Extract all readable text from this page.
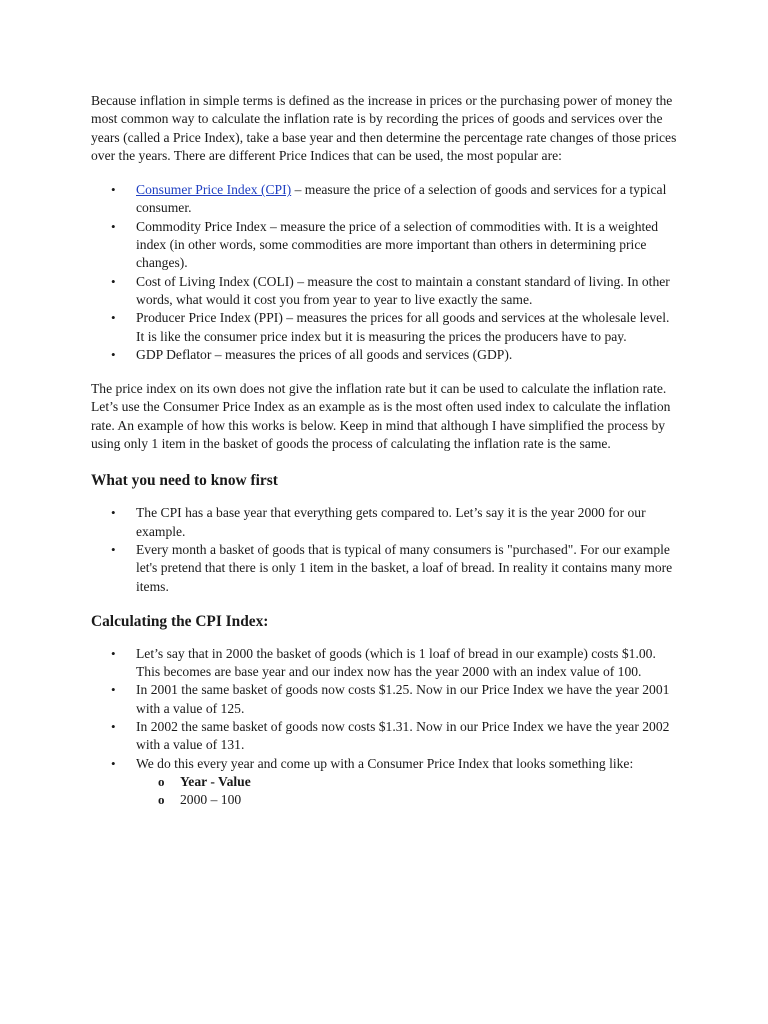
Because inflation in simple terms is defined as the increase in prices or the purchasing power of money the most common way to calculate the inflation rate is by recording the prices of goods and services over the years (called a Price Index), take a base year and then determine the percentage rate changes of those prices over the years. There are different Price Indices that can be used, the most popular are:

• Consumer Price Index (CPI) – measure the price of a selection of goods and services for a typical consumer.
• Commodity Price Index – measure the price of a selection of commodities with. It is a weighted index (in other words, some commodities are more important than others in determining price changes).
• Cost of Living Index (COLI) – measure the cost to maintain a constant standard of living. In other words, what would it cost you from year to year to live exactly the same.
• Producer Price Index (PPI) – measures the prices for all goods and services at the wholesale level. It is like the consumer price index but it is measuring the prices the producers have to pay.
• GDP Deflator – measures the prices of all goods and services (GDP).

The price index on its own does not give the inflation rate but it can be used to calculate the inflation rate. Let’s use the Consumer Price Index as an example as is the most often used index to calculate the inflation rate. An example of how this works is below. Keep in mind that although I have simplified the process by using only 1 item in the basket of goods the process of calculating the inflation rate is the same.

What you need to know first
• The CPI has a base year that everything gets compared to. Let’s say it is the year 2000 for our example.
• Every month a basket of goods that is typical of many consumers is "purchased". For our example let's pretend that there is only 1 item in the basket, a loaf of bread. In reality it contains many more items.
Calculating the CPI Index:
• Let’s say that in 2000 the basket of goods (which is 1 loaf of bread in our example) costs $1.00. This becomes are base year and our index now has the year 2000 with an index value of 100.
• In 2001 the same basket of goods now costs $1.25. Now in our Price Index we have the year 2001 with a value of 125.
• In 2002 the same basket of goods now costs $1.31. Now in our Price Index we have the year 2002 with a value of 131.
• We do this every year and come up with a Consumer Price Index that looks something like:
o Year - Value
o 2000 – 100
